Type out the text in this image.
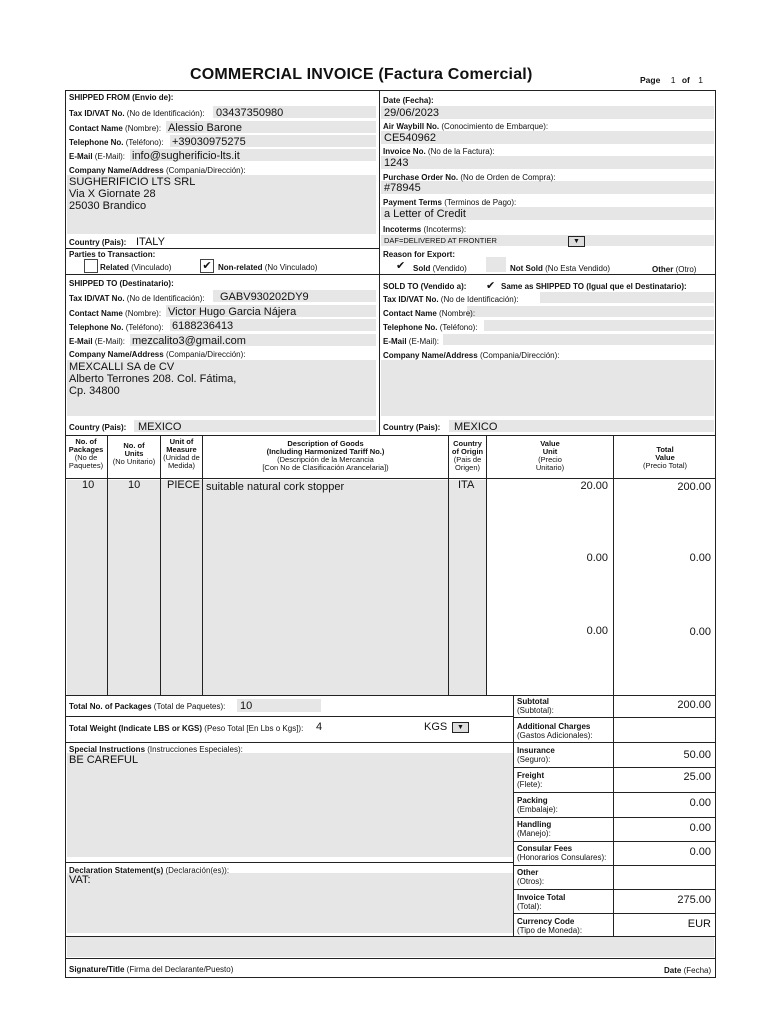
COMMERCIAL INVOICE (Factura Comercial)	Page 1 of 1
SHIPPED FROM (Envio de):
Tax ID/VAT No. (No de Identificación): 03437350980
Contact Name (Nombre): Alessio Barone
Telephone No. (Teléfono): +39030975275
E-Mail (E-Mail): info@sugherificio-lts.it
Company Name/Address (Compania/Dirección):
SUGHERIFICIO LTS SRL
Via X Giornate 28
25030 Brandico
Country (Pais): ITALY
Parties to Transaction:
Related (Vinculado)	✔ Non-related (No Vinculado)
Date (Fecha):
29/06/2023
Air Waybill No. (Conocimiento de Embarque):
CE540962
Invoice No. (No de la Factura):
1243
Purchase Order No. (No de Orden de Compra):
#78945
Payment Terms (Terminos de Pago):
a Letter of Credit
Incoterms (Incoterms):
DAF=DELIVERED AT FRONTIER	▼
Reason for Export:
✔ Sold (Vendido)	Not Sold (No Esta Vendido)	Other (Otro)
SHIPPED TO (Destinatario):
Tax ID/VAT No. (No de Identificación): GABV930202DY9
Contact Name (Nombre): Victor Hugo Garcia Nájera
Telephone No. (Teléfono): 6188236413
E-Mail (E-Mail): mezcalito3@gmail.com
Company Name/Address (Compania/Dirección):
MEXCALLI SA de CV
Alberto Terrones 208. Col. Fátima,
Cp. 34800
Country (Pais): MEXICO
SOLD TO (Vendido a): ✔ Same as SHIPPED TO (Igual que el Destinatario):
Tax ID/VAT No. (No de Identificación):
Contact Name (Nombre):
Telephone No. (Teléfono):
E-Mail (E-Mail):
Company Name/Address (Compania/Dirección):
Country (Pais): MEXICO
No. of
Packages
(No de
Paquetes)
No. of
Units
(No Unitario)
Unit of
Measure
(Unidad de
Medida)
Description of Goods
(Including Harmonized Tariff No.)
(Descripción de la Mercancia
[Con No de Clasificación Arancelaria])
Country
of Origin
(Pais de
Origen)
Value
Unit
(Precio
Unitario)
Total
Value
(Precio Total)
10	10 PIECE suitable natural cork stopper	ITA	20.00	200.00
0.00	0.00
0.00	0.00
Total No. of Packages (Total de Paquetes): 10
Total Weight (Indicate LBS or KGS) (Peso Total [En Lbs o Kgs]): 4	KGS	▼
Special Instructions (Instrucciones Especiales):
BE CAREFUL
Declaration Statement(s) (Declaración(es)):
VAT:
Signature/Title (Firma del Declarante/Puesto)	Date (Fecha)
Subtotal
(Subtotal):	200.00
Additional Charges
(Gastos Adicionales):
Insurance
(Seguro):	50.00
Freight
(Flete):
25.00
Packing
(Embalaje):
0.00
Handling
(Manejo):	0.00
Consular Fees
(Honorarios Consulares):	0.00
Other
(Otros):
Invoice Total
(Total):
275.00
Currency Code
(Tipo de Moneda):
EUR
